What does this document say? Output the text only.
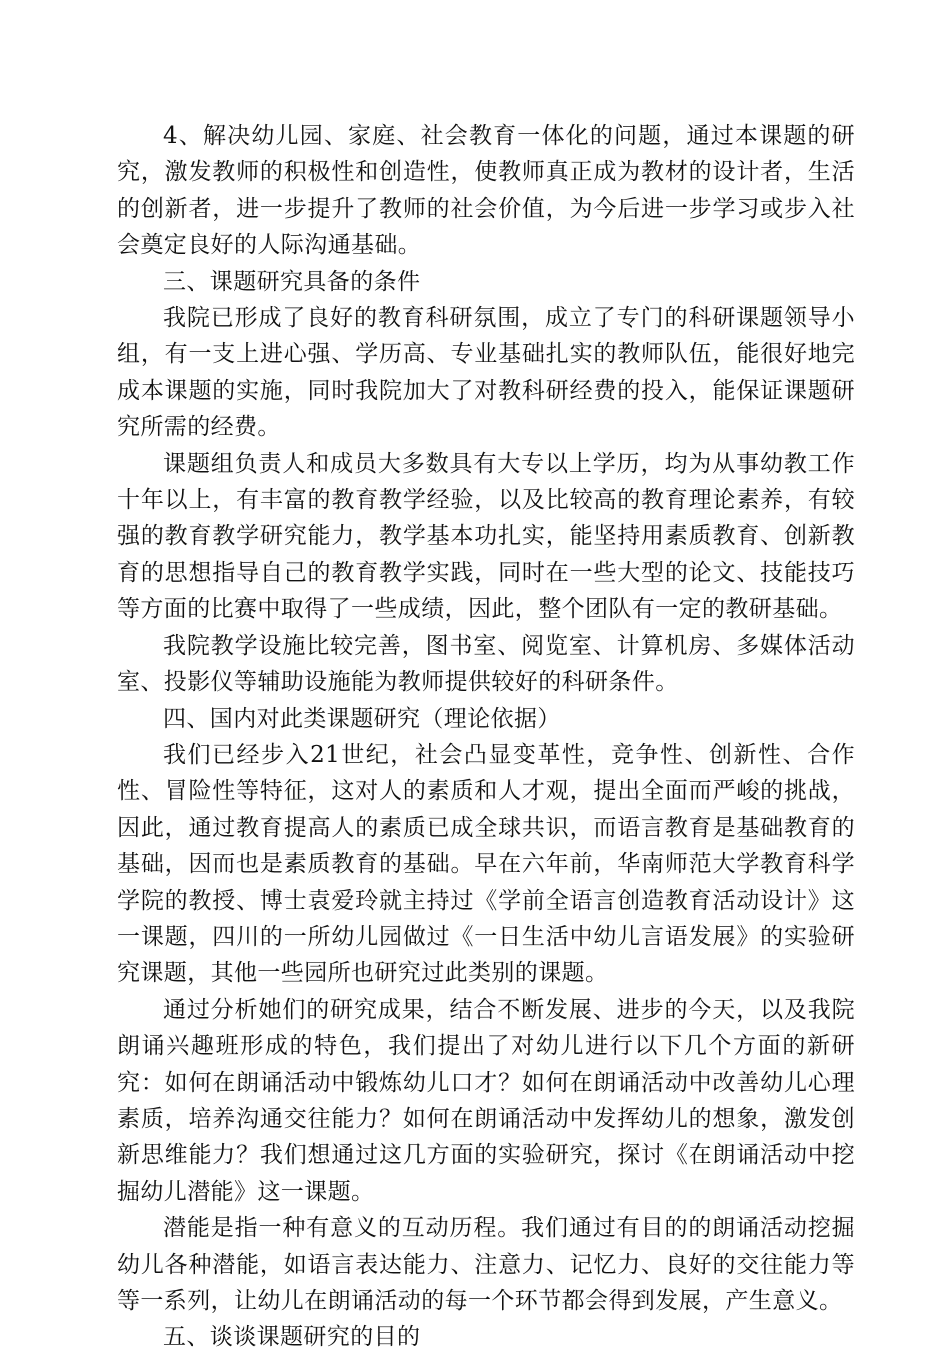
4、解决幼儿园、家庭、社会教育一体化的问题，通过本课题的研究，激发教师的积极性和创造性，使教师真正成为教材的设计者，生活的创新者，进一步提升了教师的社会价值，为今后进一步学习或步入社会奠定良好的人际沟通基础。

三、课题研究具备的条件

我院已形成了良好的教育科研氛围，成立了专门的科研课题领导小组，有一支上进心强、学历高、专业基础扎实的教师队伍，能很好地完成本课题的实施，同时我院加大了对教科研经费的投入，能保证课题研究所需的经费。

课题组负责人和成员大多数具有大专以上学历，均为从事幼教工作十年以上，有丰富的教育教学经验，以及比较高的教育理论素养，有较强的教育教学研究能力，教学基本功扎实，能坚持用素质教育、创新教育的思想指导自己的教育教学实践，同时在一些大型的论文、技能技巧等方面的比赛中取得了一些成绩，因此，整个团队有一定的教研基础。

我院教学设施比较完善，图书室、阅览室、计算机房、多媒体活动室、投影仪等辅助设施能为教师提供较好的科研条件。

四、国内对此类课题研究（理论依据）

我们已经步入21世纪，社会凸显变革性，竞争性、创新性、合作性、冒险性等特征，这对人的素质和人才观，提出全面而严峻的挑战，因此，通过教育提高人的素质已成全球共识，而语言教育是基础教育的基础，因而也是素质教育的基础。早在六年前，华南师范大学教育科学学院的教授、博士袁爱玲就主持过《学前全语言创造教育活动设计》这一课题，四川的一所幼儿园做过《一日生活中幼儿言语发展》的实验研究课题，其他一些园所也研究过此类别的课题。

通过分析她们的研究成果，结合不断发展、进步的今天，以及我院朗诵兴趣班形成的特色，我们提出了对幼儿进行以下几个方面的新研究：如何在朗诵活动中锻炼幼儿口才？如何在朗诵活动中改善幼儿心理素质，培养沟通交往能力？如何在朗诵活动中发挥幼儿的想象，激发创新思维能力？我们想通过这几方面的实验研究，探讨《在朗诵活动中挖掘幼儿潜能》这一课题。

潜能是指一种有意义的互动历程。我们通过有目的的朗诵活动挖掘幼儿各种潜能，如语言表达能力、注意力、记忆力、良好的交往能力等等一系列，让幼儿在朗诵活动的每一个环节都会得到发展，产生意义。

五、谈谈课题研究的目的
